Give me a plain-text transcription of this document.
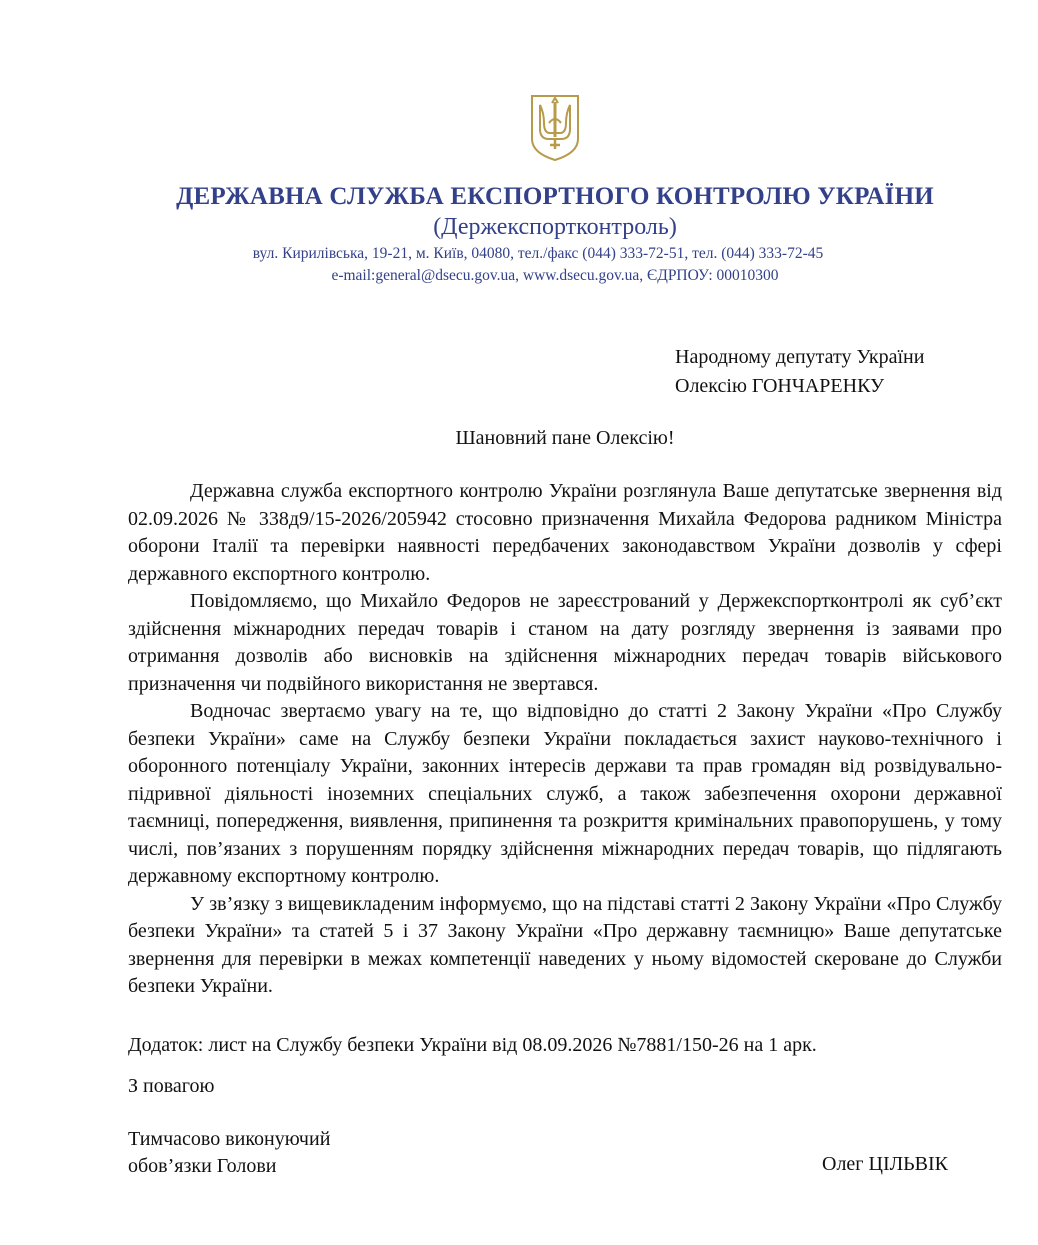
ДЕРЖАВНА СЛУЖБА ЕКСПОРТНОГО КОНТРОЛЮ УКРАЇНИ
(Держекспортконтроль)
вул. Кирилівська, 19-21, м. Київ, 04080, тел./факс (044) 333-72-51, тел. (044) 333-72-45
e-mail:general@dsecu.gov.ua, www.dsecu.gov.ua, ЄДРПОУ: 00010300
Народному депутату України
Олексію ГОНЧАРЕНКУ
Шановний пане Олексію!

Державна служба експортного контролю України розглянула Ваше депутатське звернення від 02.09.2026 № 338д9/15-2026/205942 стосовно призначення Михайла Федорова радником Міністра оборони Італії та перевірки наявності передбачених законодавством України дозволів у сфері державного експортного контролю.

Повідомляємо, що Михайло Федоров не зареєстрований у Держекспортконтролі як суб’єкт здійснення міжнародних передач товарів і станом на дату розгляду звернення із заявами про отримання дозволів або висновків на здійснення міжнародних передач товарів військового призначення чи подвійного використання не звертався.

Водночас звертаємо увагу на те, що відповідно до статті 2 Закону України «Про Службу безпеки України» саме на Службу безпеки України покладається захист науково-технічного і оборонного потенціалу України, законних інтересів держави та прав громадян від розвідувально-підривної діяльності іноземних спеціальних служб, а також забезпечення охорони державної таємниці, попередження, виявлення, припинення та розкриття кримінальних правопорушень, у тому числі, пов’язаних з порушенням порядку здійснення міжнародних передач товарів, що підлягають державному експортному контролю.

У зв’язку з вищевикладеним інформуємо, що на підставі статті 2 Закону України «Про Службу безпеки України» та статей 5 і 37 Закону України «Про державну таємницю» Ваше депутатське звернення для перевірки в межах компетенції наведених у ньому відомостей скероване до Служби безпеки України.

Додаток: лист на Службу безпеки України від 08.09.2026 №7881/150-26 на 1 арк.
З повагою
Тимчасово виконуючий
обов’язки Голови	Олег ЦІЛЬВІК
